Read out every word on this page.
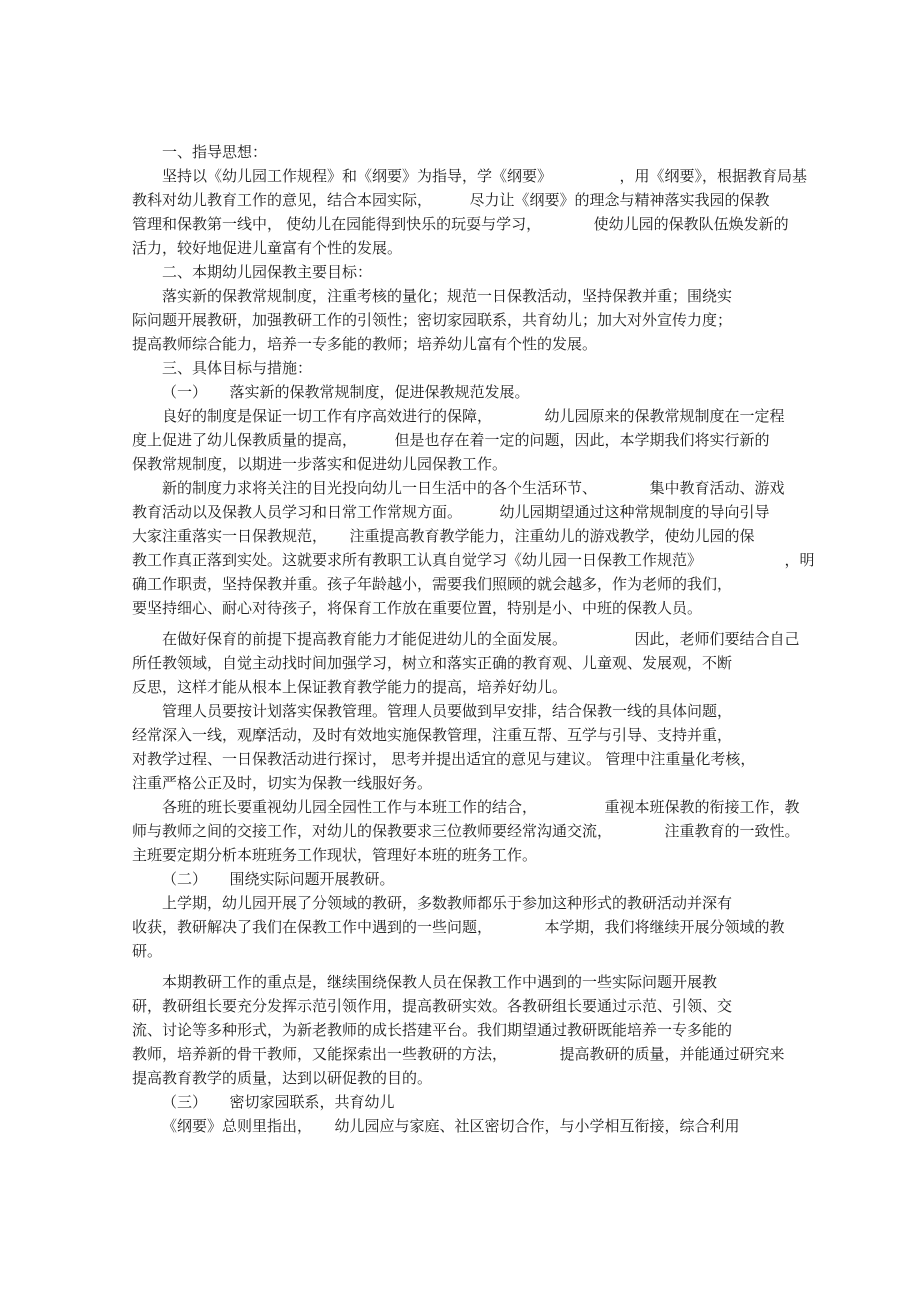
一、指导思想：
坚持以《幼儿园工作规程》和《纲要》为指导，学《纲要》　　　　　，用《纲要》，根据教育局基
教科对幼儿教育工作的意见，结合本园实际，　　　尽力让《纲要》的理念与精神落实我园的保教
管理和保教第一线中， 使幼儿在园能得到快乐的玩耍与学习，　　　　使幼儿园的保教队伍焕发新的
活力，较好地促进儿童富有个性的发展。
二、本期幼儿园保教主要目标：
落实新的保教常规制度，注重考核的量化；规范一日保教活动，坚持保教并重；围绕实
际问题开展教研，加强教研工作的引领性；密切家园联系，共育幼儿；加大对外宣传力度；
提高教师综合能力，培养一专多能的教师；培养幼儿富有个性的发展。
三、具体目标与措施：
（一）　　落实新的保教常规制度，促进保教规范发展。
良好的制度是保证一切工作有序高效进行的保障，　　　　幼儿园原来的保教常规制度在一定程
度上促进了幼儿保教质量的提高，　　　但是也存在着一定的问题，因此，本学期我们将实行新的
保教常规制度，以期进一步落实和促进幼儿园保教工作。
新的制度力求将关注的目光投向幼儿一日生活中的各个生活环节、　　　　集中教育活动、游戏
教育活动以及保教人员学习和日常工作常规方面。　　　幼儿园期望通过这种常规制度的导向引导
大家注重落实一日保教规范，　　注重提高教育教学能力，注重幼儿的游戏教学，使幼儿园的保
教工作真正落到实处。这就要求所有教职工认真自觉学习《幼儿园一日保教工作规范》　　　　　　，明
确工作职责，坚持保教并重。孩子年龄越小，需要我们照顾的就会越多，作为老师的我们，
要坚持细心、耐心对待孩子，将保育工作放在重要位置，特别是小、中班的保教人员。
在做好保育的前提下提高教育能力才能促进幼儿的全面发展。　　　　　因此，老师们要结合自己
所任教领域，自觉主动找时间加强学习，树立和落实正确的教育观、儿童观、发展观，不断
反思，这样才能从根本上保证教育教学能力的提高，培养好幼儿。
管理人员要按计划落实保教管理。管理人员要做到早安排，结合保教一线的具体问题，
经常深入一线，观摩活动，及时有效地实施保教管理，注重互帮、互学与引导、支持并重，
对教学过程、一日保教活动进行探讨， 思考并提出适宜的意见与建议。 管理中注重量化考核，
注重严格公正及时，切实为保教一线服好务。
各班的班长要重视幼儿园全园性工作与本班工作的结合，　　　　　重视本班保教的衔接工作，教
师与教师之间的交接工作，对幼儿的保教要求三位教师要经常沟通交流，　　　　注重教育的一致性。
主班要定期分析本班班务工作现状，管理好本班的班务工作。
（二）　　围绕实际问题开展教研。
上学期，幼儿园开展了分领域的教研，多数教师都乐于参加这种形式的教研活动并深有
收获，教研解决了我们在保教工作中遇到的一些问题，　　　　本学期，我们将继续开展分领域的教
研。
本期教研工作的重点是，继续围绕保教人员在保教工作中遇到的一些实际问题开展教
研，教研组长要充分发挥示范引领作用，提高教研实效。各教研组长要通过示范、引领、交
流、讨论等多种形式，为新老教师的成长搭建平台。我们期望通过教研既能培养一专多能的
教师，培养新的骨干教师，又能探索出一些教研的方法，　　　　提高教研的质量，并能通过研究来
提高教育教学的质量，达到以研促教的目的。
（三）　　密切家园联系，共育幼儿
《纲要》总则里指出，　　幼儿园应与家庭、社区密切合作，与小学相互衔接，综合利用
